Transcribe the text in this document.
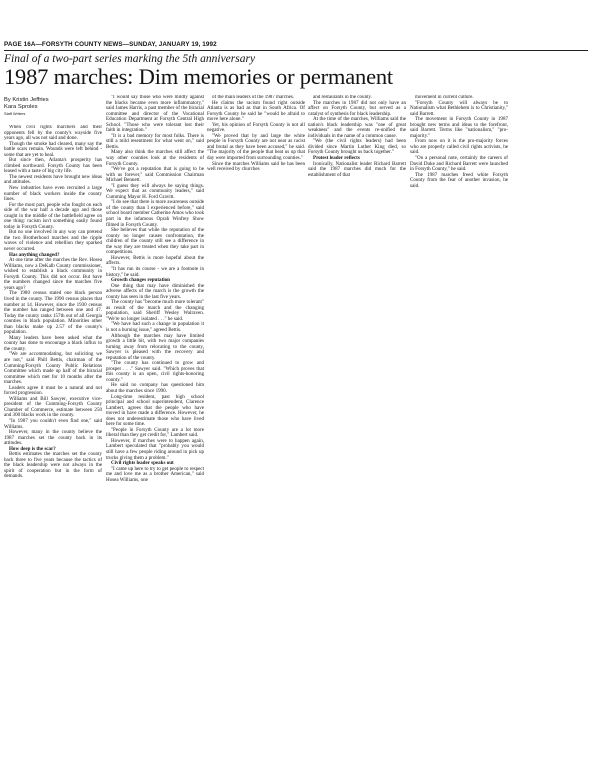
PAGE 16A—FORSYTH COUNTY NEWS—SUNDAY, JANUARY 19, 1992
Final of a two-part series marking the 5th anniversary
1987 marches: Dim memories or permanent
By Kristin Jeffries
Kara Sproles
Staff Writers

When civil rights marchers and their opponents fell by the county's wayside five years ago, all was not said and done.

Though the smoke had cleared, many say the battle scars remain. Wounds were left behind - some that are yet to heal.

But since then, Atlanta's prosperity has climbed northward. Forsyth County has been leased with a taste of big city life.

The newest residents have brought new ideas and attitudes.

New industries have even recruited a large number of black workers inside the county lines.

For the most part, people who fought on each side of the war half a decade ago and those caught in the middle of the battlefield agree on one thing: racism isn't something easily found today in Forsyth County.

But no one involved in any way can pretend the two Brotherhood marches and the ripple waves of violence and rebellion they sparked never occurred.

Has anything changed?

At one time after the marches the Rev. Hosea Williams, now a DeKalb County commissioner, wished to establish a black community in Forsyth County. This did not occur. But have the numbers changed since the marches five years ago?

The 1980 census stated one black person lived in the county. The 1990 census places that number at 14. However, since the 1930 census the number has ranged between one and 47. Today the county ranks 157th out of all Georgia counties in black population. Minorities other than blacks make up 2.57 of the county's population.

Many leaders have been asked what the county has done to encourage a black influx to the county.

"We are accommodating, but soliciting we are not," said Phill Bettis, chairman of the Cumming/Forsyth County Public Relations Committee which made up half of the biracial committee which met for 10 months after the marches.

Leaders agree it must be a natural and not forced progression.

Williams and Bill Sawyer, executive vice-president of the Cumming-Forsyth County Chamber of Commerce, estimate between 250 and 300 blacks work in the county.

"In 1987 you couldn't even find one," said Williams.

However, many in the county believe the 1987 marches set the county back in its attitudes.

How deep is the scar?

Bettis estimates the marches set the county back three to five years because the tactics of the black leadership were not always in the spirit of cooperation but in the form of demands.

"I would say those who were mildly against the blacks became even more inflammatory," said James Harris, a past member of the biracial committee and director of the Vocational Education Department at Forsyth Central High School. "Those who were tolerant lost their faith in integration."

"It is a bad memory for most folks. There is still a mild resentment for what went on," said Bettis.

Many also think the marches still affect the way other counties look at the residents of Forsyth County.

"We've got a reputation that is going to be with us forever," said Commission Chairman Michael Bennett.

"I guess they will always be saying things. We expect that as community leaders," said Cumming Mayor H. Ford Gravitt.

"I do see that there is more awareness outside of the county than I experienced before," said school board member Catherine Amos who took part in the infamous Oprah Winfrey Show filmed in Forsyth County.

She believes that while the reputation of the county no longer causes confrontation, the children of the county still see a difference in the way they are treated when they take part in competitions.

However, Bettis is more hopeful about the affects.

"It has run its course - we are a footnote in history," he said.

Growth changes reputation

One thing that may have diminished the adverse affects of the march is the growth the county has seen in the last five years.

The county has "become much more tolerant" as result of the march and the changing population, said Sheriff Wesley Walraven. "We're no longer isolated . . ." he said.

"We have had such a change in population it is not a burning issue," agreed Bettis.

Although the marches may have limited growth a little bit, with two major companies turning away from relocating to the county, Sawyer is pleased with the recovery and reputation of the county.

"The county has continued to grow and prosper . . ." Sawyer said. "Which proves that this county is an open, civil rights-honoring county."

He said no company has questioned him about the marches since 1990.

Long-time resident, past high school principal and school superintendent, Clarence Lambert, agrees that the people who have moved in have made a difference. However, he does not underestimate those who have lived here for some time.

"People in Forsyth County are a lot more liberal than they get credit for," Lambert said.

However, if marches were to happen again, Lambert speculated that "probably you would still have a few people riding around in pick up trucks giving them a problem."

Civil rights leader speaks out

"I came up here to try to get people to respect me and love me as a brother American," said Hosea Williams, one

of the main leaders of the 1987 marches.

He claims the racism found right outside Atlanta is as bad as that in South Africa. Of Forsyth County he said he "would be afraid to move here alone."

Yet, his opinion of Forsyth County is not all negative.

"We proved that by and large the white people in Forsyth County are not near as racist and brutal as they have been accused," he said. "The majority of the people that beat us up that day were imported from surrounding counties."

Since the marches Williams said he has been well received by churches

and restaurants in the county.

The marches in 1987 did not only have an affect on Forsyth County, but served as a catalyst of synthesis for black leadership.

At the time of the marches, Williams said the nation's black leadership was "one of great weakness" and the events re-unified the individuals in the name of a common cause.

"We (the civil rights leaders) had been divided since Martin Luther King died, so Forsyth County brought us back together."

Protest leader reflects

Ironically, Nationalist leader Richard Barrett said the 1987 marches did much for the establishment of that

movement in current culture.

"Forsyth County will always be to Nationalism what Bethlehem is to Christianity," said Barrett.

The movement in Forsyth County in 1987 brought new terms and ideas to the forefront, said Barrett. Terms like "nationalism," "pro-majority."

From now on it is the pro-majority forces who are properly called civil rights activists, he said.

"On a personal note, certainly the careers of David Duke and Richard Barrett were launched in Forsyth County," he said.

The 1987 marches freed white Forsyth County from the fear of another invasion, he said.
